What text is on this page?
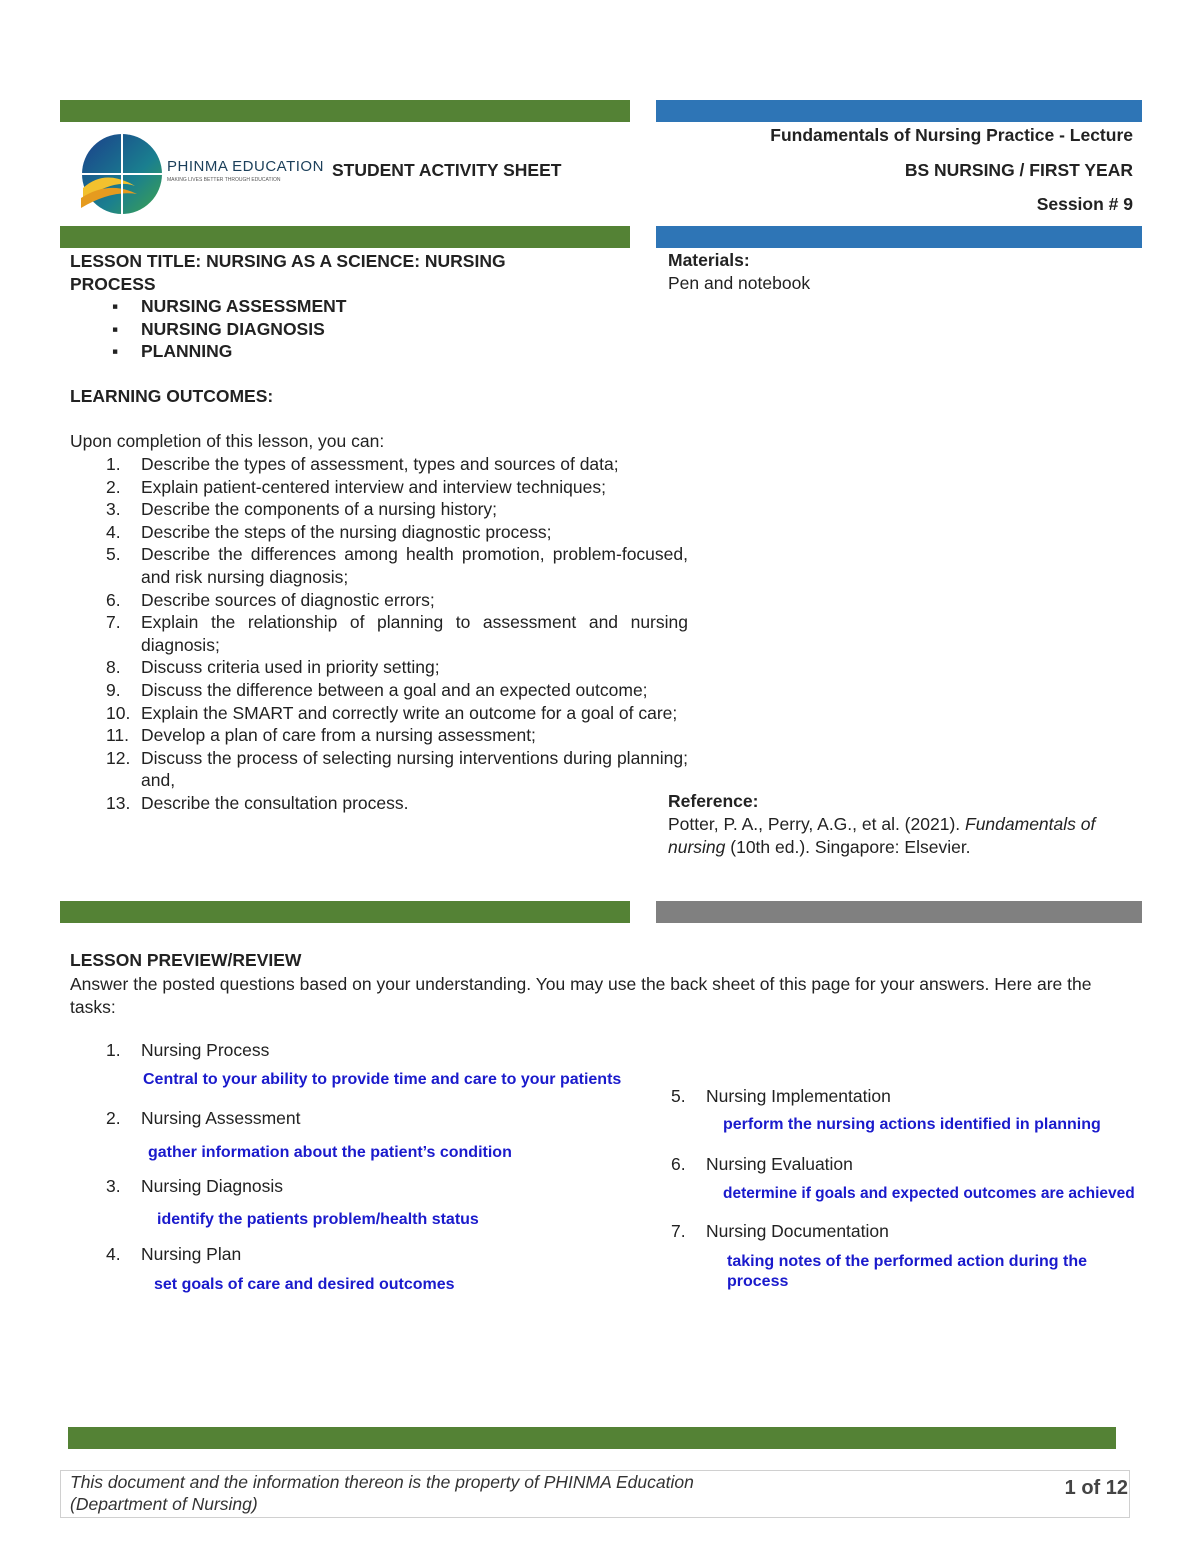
PHINMA EDUCATION
MAKING LIVES BETTER THROUGH EDUCATION	STUDENT ACTIVITY SHEET
Fundamentals of Nursing Practice - Lecture
BS NURSING / FIRST YEAR
Session # 9
LESSON TITLE: NURSING AS A SCIENCE: NURSING
PROCESS
▪ NURSING ASSESSMENT
▪ NURSING DIAGNOSIS
▪ PLANNING
LEARNING OUTCOMES:
Upon completion of this lesson, you can:
1.	Describe the types of assessment, types and sources of data;
2.	Explain patient-centered interview and interview techniques;
3.	Describe the components of a nursing history;
4.	Describe the steps of the nursing diagnostic process;
5.	Describe the differences among health promotion, problem-focused, and risk nursing diagnosis;
6.	Describe sources of diagnostic errors;
7.	Explain the relationship of planning to assessment and nursing diagnosis;
8.	Discuss criteria used in priority setting;
9.	Discuss the difference between a goal and an expected outcome;
10. Explain the SMART and correctly write an outcome for a goal of care;
11. Develop a plan of care from a nursing assessment;
12. Discuss the process of selecting nursing interventions during planning; and,
13. Describe the consultation process.
Materials:
Pen and notebook
Reference:
Potter, P. A., Perry, A.G., et al. (2021). Fundamentals of nursing (10th ed.). Singapore: Elsevier.
LESSON PREVIEW/REVIEW
Answer the posted questions based on your understanding. You may use the back sheet of this page for your answers. Here are the tasks:
1.	Nursing Process
Central to your ability to provide time and care to your patients
2.	Nursing Assessment
gather information about the patient’s condition
3.	Nursing Diagnosis
identify the patients problem/health status
4.	Nursing Plan
set goals of care and desired outcomes
5.	Nursing Implementation
perform the nursing actions identified in planning
6.	Nursing Evaluation
determine if goals and expected outcomes are achieved
7.	Nursing Documentation
taking notes of the performed action during the process
This document and the information thereon is the property of PHINMA Education (Department of Nursing)
1 of 12
